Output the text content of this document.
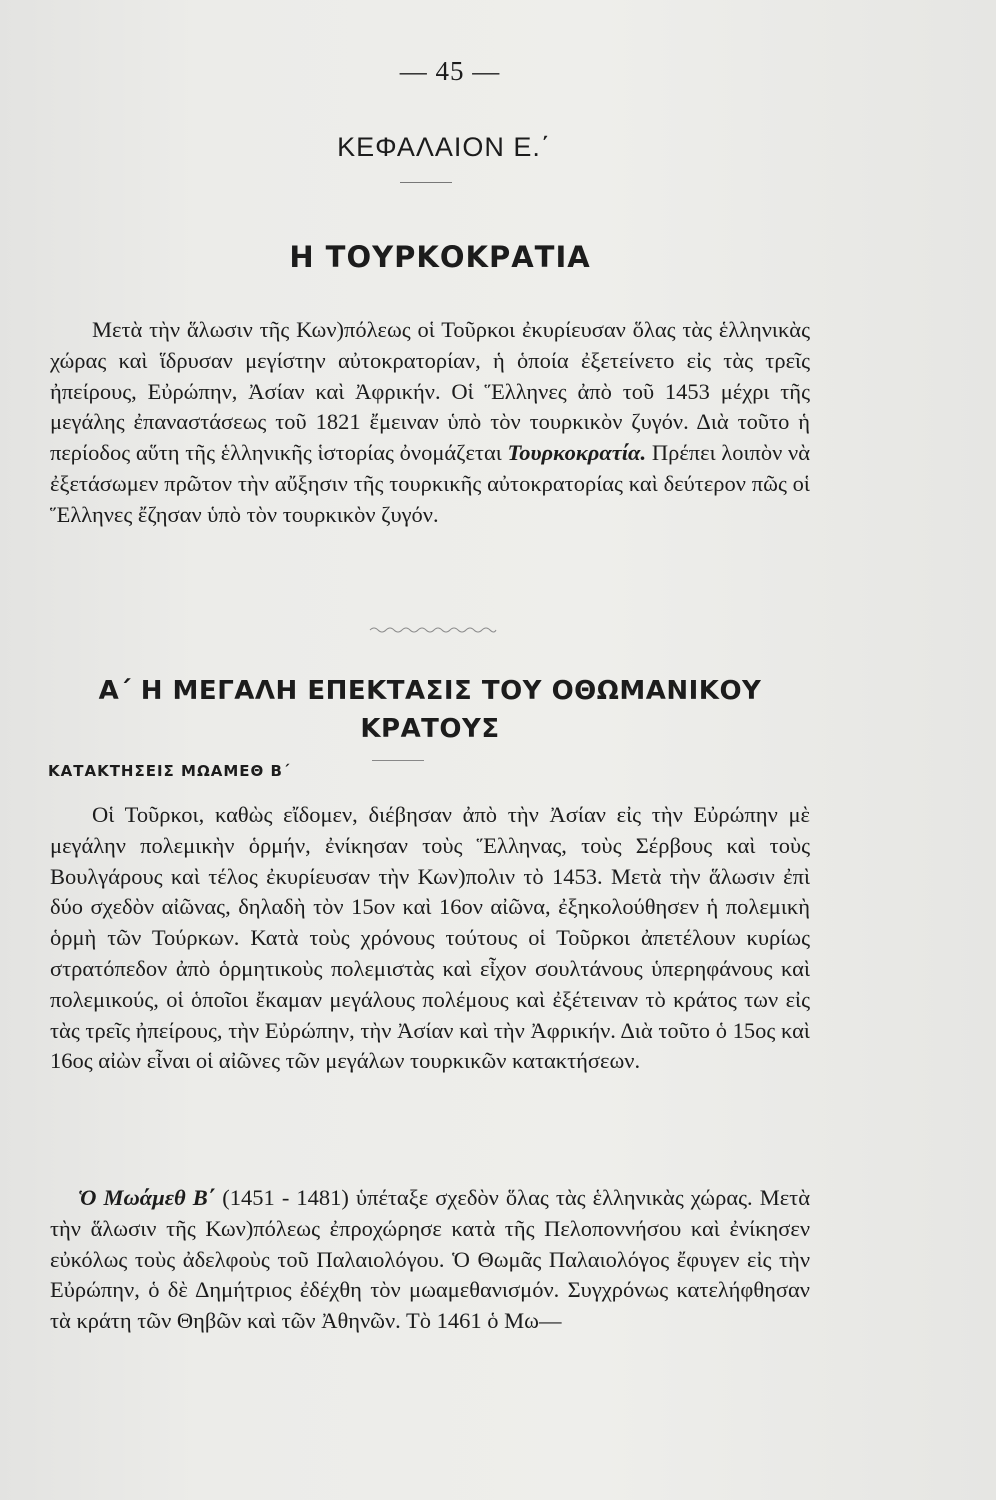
— 45 —
ΚΕΦΑΛΑΙΟΝ Ε.΄
Η ΤΟΥΡΚΟΚΡΑΤΙΑ

Μετὰ τὴν ἅλωσιν τῆς Κων)πόλεως οἱ Τοῦρκοι ἐκυρίευσαν ὅλας τὰς ἑλληνικὰς χώρας καὶ ἵδρυσαν μεγίστην αὐτοκρατορίαν, ἡ ὁποία ἐξετείνετο εἰς τὰς τρεῖς ἠπείρους, Εὐρώπην, Ἀσίαν καὶ Ἀφρικήν. Οἱ Ἕλληνες ἀπὸ τοῦ 1453 μέχρι τῆς μεγάλης ἐπαναστάσεως τοῦ 1821 ἔμειναν ὑπὸ τὸν τουρκικὸν ζυγόν. Διὰ τοῦτο ἡ περίοδος αὕτη τῆς ἑλληνικῆς ἱστορίας ὀνομάζεται Τουρκοκρατία. Πρέπει λοιπὸν νὰ ἐξετάσωμεν πρῶτον τὴν αὔξησιν τῆς τουρκικῆς αὐτοκρατορίας καὶ δεύτερον πῶς οἱ Ἕλληνες ἔζησαν ὑπὸ τὸν τουρκικὸν ζυγόν.

Α΄ Η ΜΕΓΑΛΗ ΕΠΕΚΤΑΣΙΣ ΤΟΥ ΟΘΩΜΑΝΙΚΟΥ
ΚΡΑΤΟΥΣ
ΚΑΤΑΚΤΗΣΕΙΣ ΜΩΑΜΕΘ Β΄

Οἱ Τοῦρκοι, καθὼς εἴδομεν, διέβησαν ἀπὸ τὴν Ἀσίαν εἰς τὴν Εὐρώπην μὲ μεγάλην πολεμικὴν ὁρμήν, ἐνίκησαν τοὺς Ἕλληνας, τοὺς Σέρβους καὶ τοὺς Βουλγάρους καὶ τέλος ἐκυρίευσαν τὴν Κων)πολιν τὸ 1453. Μετὰ τὴν ἅλωσιν ἐπὶ δύο σχεδὸν αἰῶνας, δηλαδὴ τὸν 15ον καὶ 16ον αἰῶνα, ἐξηκολούθησεν ἡ πολεμικὴ ὁρμὴ τῶν Τούρκων. Κατὰ τοὺς χρόνους τούτους οἱ Τοῦρκοι ἀπετέλουν κυρίως στρατόπεδον ἀπὸ ὁρμητικοὺς πολεμιστὰς καὶ εἶχον σουλτάνους ὑπερηφάνους καὶ πολεμικούς, οἱ ὁποῖοι ἔκαμαν μεγάλους πολέμους καὶ ἐξέτειναν τὸ κράτος των εἰς τὰς τρεῖς ἠπείρους, τὴν Εὐρώπην, τὴν Ἀσίαν καὶ τὴν Ἀφρικήν. Διὰ τοῦτο ὁ 15ος καὶ 16ος αἰὼν εἶναι οἱ αἰῶνες τῶν μεγάλων τουρκικῶν κατακτήσεων.

Ὁ Μωάμεθ Β΄ (1451 - 1481) ὑπέταξε σχεδὸν ὅλας τὰς ἑλληνικὰς χώρας. Μετὰ τὴν ἅλωσιν τῆς Κων)πόλεως ἐπροχώρησε κατὰ τῆς Πελοποννήσου καὶ ἐνίκησεν εὐκόλως τοὺς ἀδελφοὺς τοῦ Παλαιολόγου. Ὁ Θωμᾶς Παλαιολόγος ἔφυγεν εἰς τὴν Εὐρώπην, ὁ δὲ Δημήτριος ἐδέχθη τὸν μωαμεθανισμόν. Συγχρόνως κατελήφθησαν τὰ κράτη τῶν Θηβῶν καὶ τῶν Ἀθηνῶν. Τὸ 1461 ὁ Μω—
